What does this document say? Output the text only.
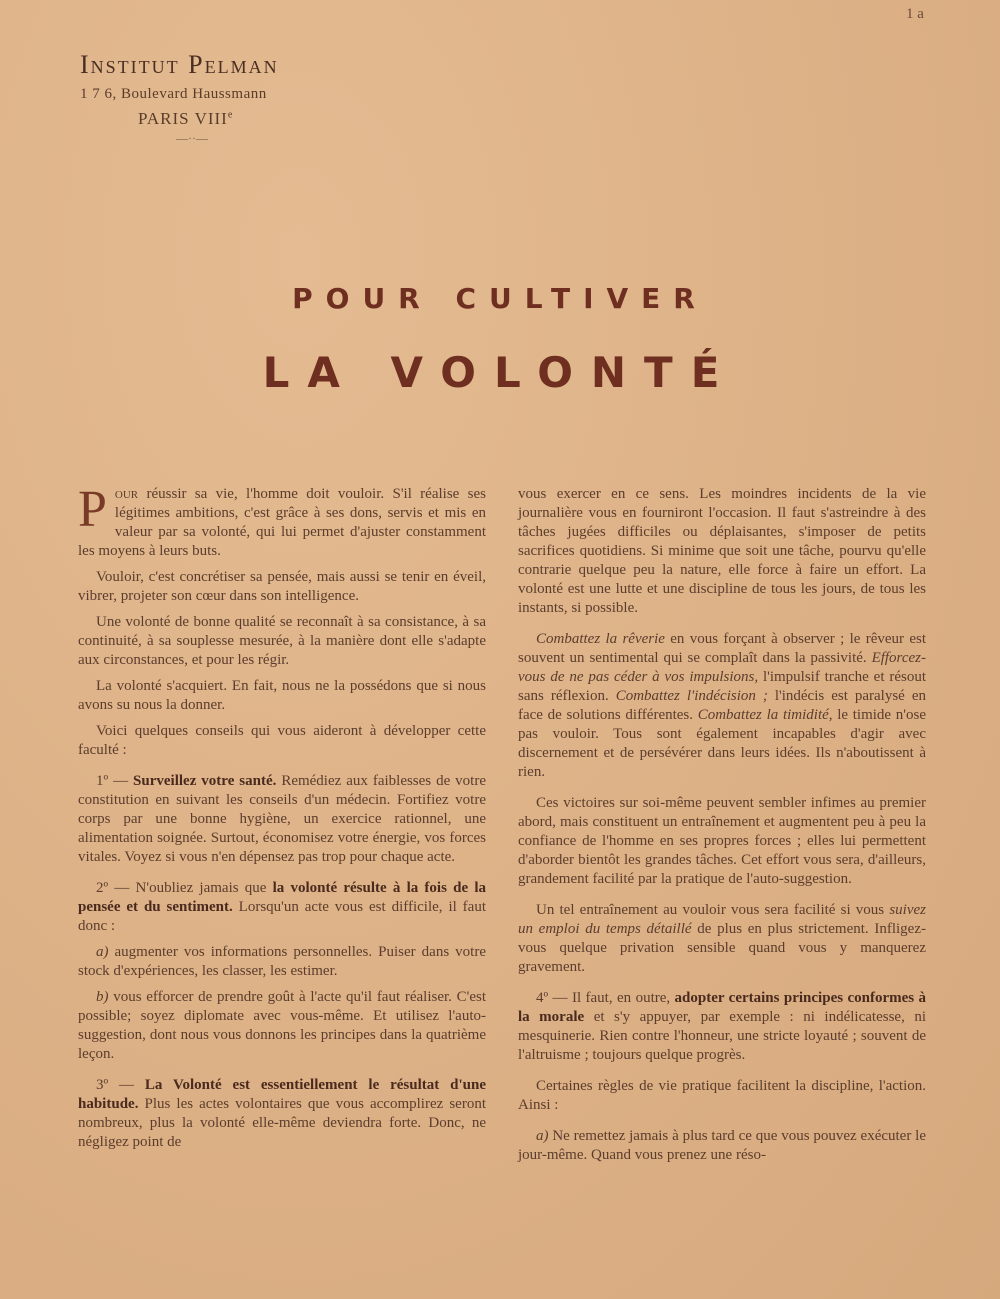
1 a
Institut Pelman
1 7 6, Boulevard Haussmann
PARIS VIIIe
—··—
POUR CULTIVER
LA VOLONTÉ

Pour réussir sa vie, l'homme doit vouloir. S'il réalise ses légitimes ambitions, c'est grâce à ses dons, servis et mis en valeur par sa volonté, qui lui permet d'ajuster constamment les moyens à leurs buts.

Vouloir, c'est concrétiser sa pensée, mais aussi se tenir en éveil, vibrer, projeter son cœur dans son intelligence.

Une volonté de bonne qualité se reconnaît à sa consistance, à sa continuité, à sa souplesse mesurée, à la manière dont elle s'adapte aux circonstances, et pour les régir.

La volonté s'acquiert. En fait, nous ne la possédons que si nous avons su nous la donner.

Voici quelques conseils qui vous aideront à développer cette faculté :

1º — Surveillez votre santé. Remédiez aux faiblesses de votre constitution en suivant les conseils d'un médecin. Fortifiez votre corps par une bonne hygiène, un exercice rationnel, une alimentation soignée. Surtout, économisez votre énergie, vos forces vitales. Voyez si vous n'en dépensez pas trop pour chaque acte.

2º — N'oubliez jamais que la volonté résulte à la fois de la pensée et du sentiment. Lorsqu'un acte vous est difficile, il faut donc :

a) augmenter vos informations personnelles. Puiser dans votre stock d'expériences, les classer, les estimer.

b) vous efforcer de prendre goût à l'acte qu'il faut réaliser. C'est possible; soyez diplomate avec vous-même. Et utilisez l'auto-suggestion, dont nous vous donnons les principes dans la quatrième leçon.

3º — La Volonté est essentiellement le résultat d'une habitude. Plus les actes volontaires que vous accomplirez seront nombreux, plus la volonté elle-même deviendra forte. Donc, ne négligez point de

vous exercer en ce sens. Les moindres incidents de la vie journalière vous en fourniront l'occasion. Il faut s'astreindre à des tâches jugées difficiles ou déplaisantes, s'imposer de petits sacrifices quotidiens. Si minime que soit une tâche, pourvu qu'elle contrarie quelque peu la nature, elle force à faire un effort. La volonté est une lutte et une discipline de tous les jours, de tous les instants, si possible.

Combattez la rêverie en vous forçant à observer ; le rêveur est souvent un sentimental qui se complaît dans la passivité. Efforcez-vous de ne pas céder à vos impulsions, l'impulsif tranche et résout sans réflexion. Combattez l'indécision ; l'indécis est paralysé en face de solutions différentes. Combattez la timidité, le timide n'ose pas vouloir. Tous sont également incapables d'agir avec discernement et de persévérer dans leurs idées. Ils n'aboutissent à rien.

Ces victoires sur soi-même peuvent sembler infimes au premier abord, mais constituent un entraînement et augmentent peu à peu la confiance de l'homme en ses propres forces ; elles lui permettent d'aborder bientôt les grandes tâches. Cet effort vous sera, d'ailleurs, grandement facilité par la pratique de l'auto-suggestion.

Un tel entraînement au vouloir vous sera facilité si vous suivez un emploi du temps détaillé de plus en plus strictement. Infligez-vous quelque privation sensible quand vous y manquerez gravement.

4º — Il faut, en outre, adopter certains principes conformes à la morale et s'y appuyer, par exemple : ni indélicatesse, ni mesquinerie. Rien contre l'honneur, une stricte loyauté ; souvent de l'altruisme ; toujours quelque progrès.

Certaines règles de vie pratique facilitent la discipline, l'action. Ainsi :

a) Ne remettez jamais à plus tard ce que vous pouvez exécuter le jour-même. Quand vous prenez une réso-
